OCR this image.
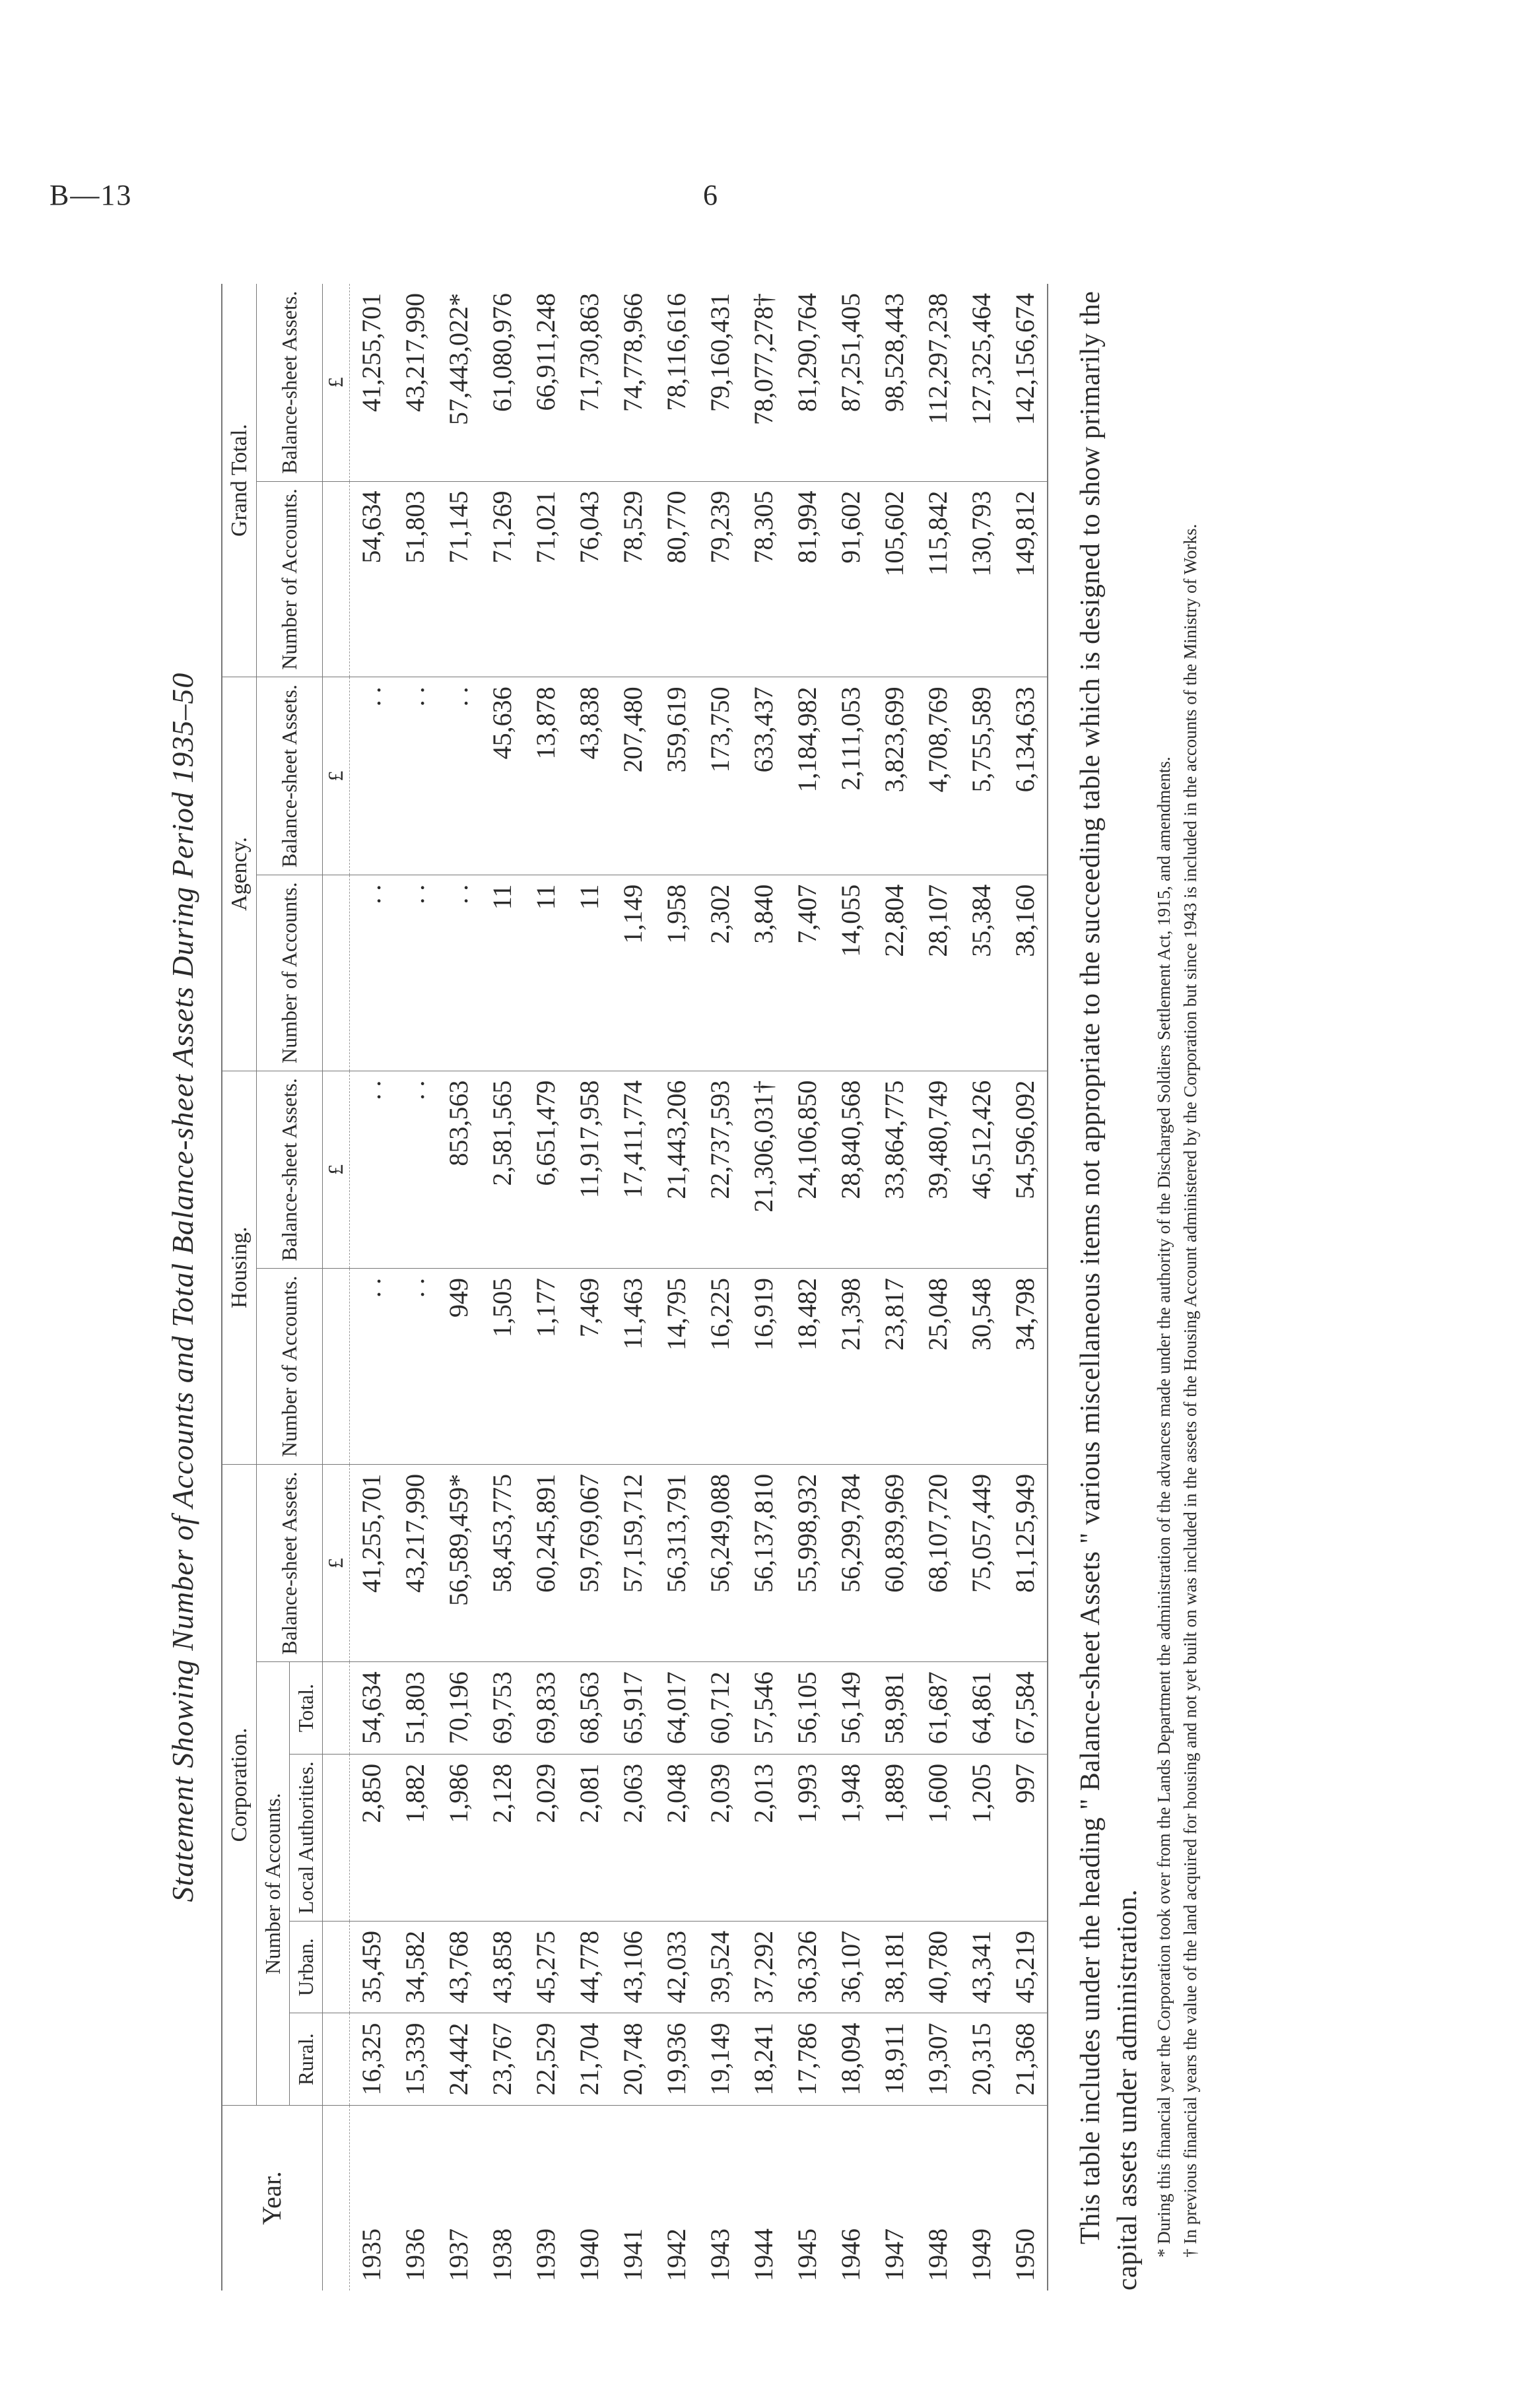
B—13	6
Statement Showing Number of Accounts and Total Balance-sheet Assets During Period 1935–50
Year.	Corporation.					Housing.		Agency.		Grand Total.	
	Number of Accounts.				Balance-sheet Assets.	Number of Accounts.	Balance-sheet Assets.	Number of Accounts.	Balance-sheet Assets.	Number of Accounts.	Balance-sheet Assets.
	Rural.	Urban.	Local Authorities.	Total.							
					£		£		£		£
1935	16,325	35,459	2,850	54,634	41,255,701	. .	. .	. .	. .	54,634	41,255,701
1936	15,339	34,582	1,882	51,803	43,217,990	. .	. .	. .	. .	51,803	43,217,990
1937	24,442	43,768	1,986	70,196	56,589,459*	949	853,563	. .	. .	71,145	57,443,022*
1938	23,767	43,858	2,128	69,753	58,453,775	1,505	2,581,565	11	45,636	71,269	61,080,976
1939	22,529	45,275	2,029	69,833	60,245,891	1,177	6,651,479	11	13,878	71,021	66,911,248
1940	21,704	44,778	2,081	68,563	59,769,067	7,469	11,917,958	11	43,838	76,043	71,730,863
1941	20,748	43,106	2,063	65,917	57,159,712	11,463	17,411,774	1,149	207,480	78,529	74,778,966
1942	19,936	42,033	2,048	64,017	56,313,791	14,795	21,443,206	1,958	359,619	80,770	78,116,616
1943	19,149	39,524	2,039	60,712	56,249,088	16,225	22,737,593	2,302	173,750	79,239	79,160,431
1944	18,241	37,292	2,013	57,546	56,137,810	16,919	21,306,031†	3,840	633,437	78,305	78,077,278†
1945	17,786	36,326	1,993	56,105	55,998,932	18,482	24,106,850	7,407	1,184,982	81,994	81,290,764
1946	18,094	36,107	1,948	56,149	56,299,784	21,398	28,840,568	14,055	2,111,053	91,602	87,251,405
1947	18,911	38,181	1,889	58,981	60,839,969	23,817	33,864,775	22,804	3,823,699	105,602	98,528,443
1948	19,307	40,780	1,600	61,687	68,107,720	25,048	39,480,749	28,107	4,708,769	115,842	112,297,238
1949	20,315	43,341	1,205	64,861	75,057,449	30,548	46,512,426	35,384	5,755,589	130,793	127,325,464
1950	21,368	45,219	997	67,584	81,125,949	34,798	54,596,092	38,160	6,134,633	149,812	142,156,674 This table includes under the heading " Balance-sheet Assets " various miscellaneous items not appropriate to the succeeding table which is designed to show primarily the capital assets under administration. * During this financial year the Corporation took over from the Lands Department the administration of the advances made under the authority of the Discharged Soldiers Settlement Act, 1915, and amendments. † In previous financial years the value of the land acquired for housing and not yet built on was included in the assets of the Housing Account administered by the Corporation but since 1943 is included in the accounts of the Ministry of Works.
